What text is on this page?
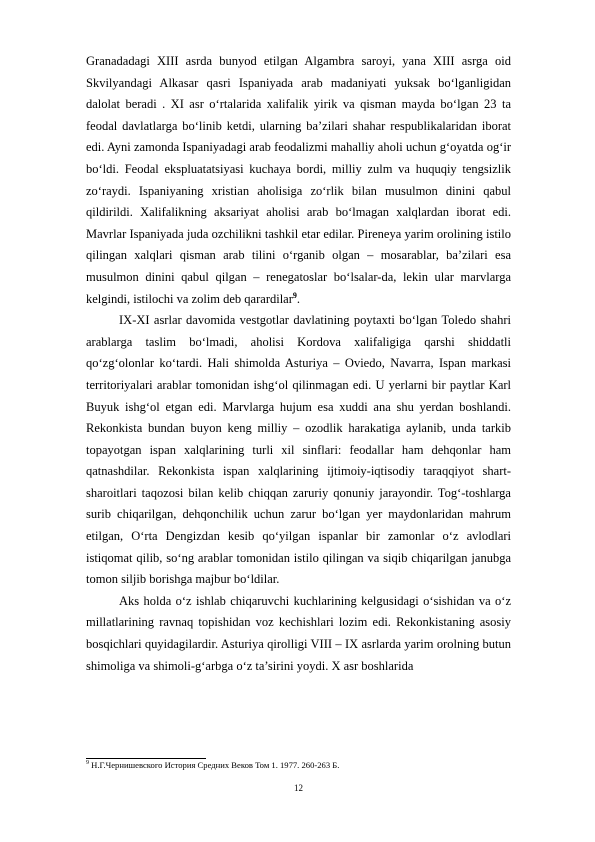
Granadadagi XIII asrda bunyod etilgan Algambra saroyi, yana XIII asrga oid Skvilyandagi Alkasar qasri Ispaniyada arab madaniyati yuksak bo‘lganligidan dalolat beradi . XI asr o‘rtalarida xalifalik yirik va qisman mayda bo‘lgan 23 ta feodal davlatlarga bo‘linib ketdi, ularning ba’zilari shahar respublikalaridan iborat edi. Ayni zamonda Ispaniyadagi arab feodalizmi mahalliy aholi uchun g‘oyatda og‘ir bo‘ldi. Feodal ekspluatatsiyasi kuchaya bordi, milliy zulm va huquqiy tengsizlik zo‘raydi. Ispaniyaning xristian aholisiga zo‘rlik bilan musulmon dinini qabul qildirildi. Xalifalikning aksariyat aholisi arab bo‘lmagan xalqlardan iborat edi. Mavrlar Ispaniyada juda ozchilikni tashkil etar edilar. Pireneya yarim orolining istilo qilingan xalqlari qisman arab tilini o‘rganib olgan – mosarablar, ba’zilari esa musulmon dinini qabul qilgan – renegatoslar bo‘lsalar-da, lekin ular marvlarga kelgindi, istilochi va zolim deb qarardilar$^9$.

IX-XI asrlar davomida vestgotlar davlatining poytaxti bo‘lgan Toledo shahri arablarga taslim bo‘lmadi, aholisi Kordova xalifaligiga qarshi shiddatli qo‘zg‘olonlar ko‘tardi. Hali shimolda Asturiya – Oviedo, Navarra, Ispan markasi territoriyalari arablar tomonidan ishg‘ol qilinmagan edi. U yerlarni bir paytlar Karl Buyuk ishg‘ol etgan edi. Marvlarga hujum esa xuddi ana shu yerdan boshlandi. Rekonkista bundan buyon keng milliy – ozodlik harakatiga aylanib, unda tarkib topayotgan ispan xalqlarining turli xil sinflari: feodallar ham dehqonlar ham qatnashdilar. Rekonkista ispan xalqlarining ijtimoiy-iqtisodiy taraqqiyot shart-sharoitlari taqozosi bilan kelib chiqqan zaruriy qonuniy jarayondir. Tog‘-toshlarga surib chiqarilgan, dehqonchilik uchun zarur bo‘lgan yer maydonlaridan mahrum etilgan, O‘rta Dengizdan kesib qo‘yilgan ispanlar bir zamonlar o‘z avlodlari istiqomat qilib, so‘ng arablar tomonidan istilo qilingan va siqib chiqarilgan janubga tomon siljib borishga majbur bo‘ldilar.

Aks holda o‘z ishlab chiqaruvchi kuchlarining kelgusidagi o‘sishidan va o‘z millatlarining ravnaq topishidan voz kechishlari lozim edi. Rekonkistaning asosiy bosqichlari quyidagilardir. Asturiya qirolligi VIII – IX asrlarda yarim orolning butun shimoliga va shimoli-g‘arbga o‘z ta’sirini yoydi. X asr boshlarida

$^9$ Н.Г.Чернишевского История Средних Веков Том 1. 1977. 260-263 Б.
12
